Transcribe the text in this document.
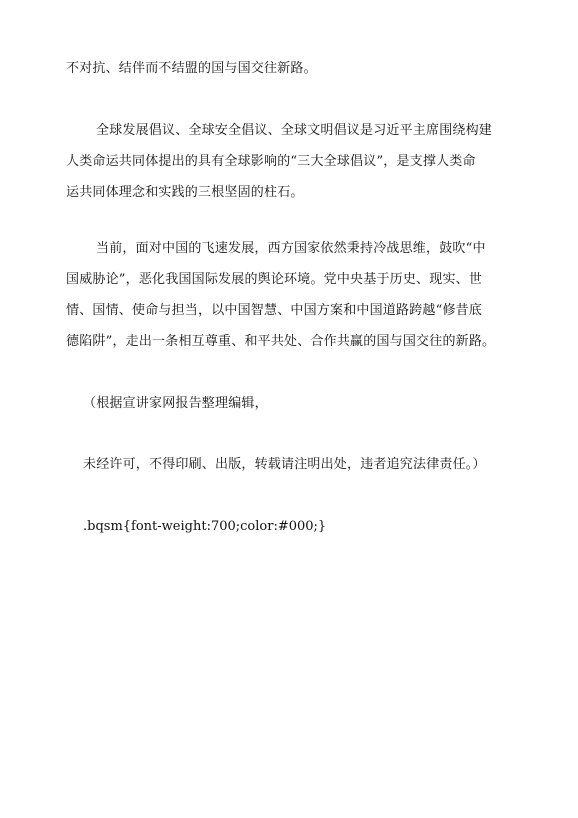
不对抗、结伴而不结盟的国与国交往新路。
全球发展倡议、全球安全倡议、全球文明倡议是习近平主席围绕构建
人类命运共同体提出的具有全球影响的“三大全球倡议”，是支撑人类命
运共同体理念和实践的三根坚固的柱石。
当前，面对中国的飞速发展，西方国家依然秉持冷战思维，鼓吹“中
国威胁论”，恶化我国国际发展的舆论环境。党中央基于历史、现实、世
情、国情、使命与担当，以中国智慧、中国方案和中国道路跨越“修昔底
德陷阱”，走出一条相互尊重、和平共处、合作共赢的国与国交往的新路。
（根据宣讲家网报告整理编辑，
未经许可，不得印刷、出版，转载请注明出处，违者追究法律责任。）
.bqsm{font-weight:700;color:#000;}
